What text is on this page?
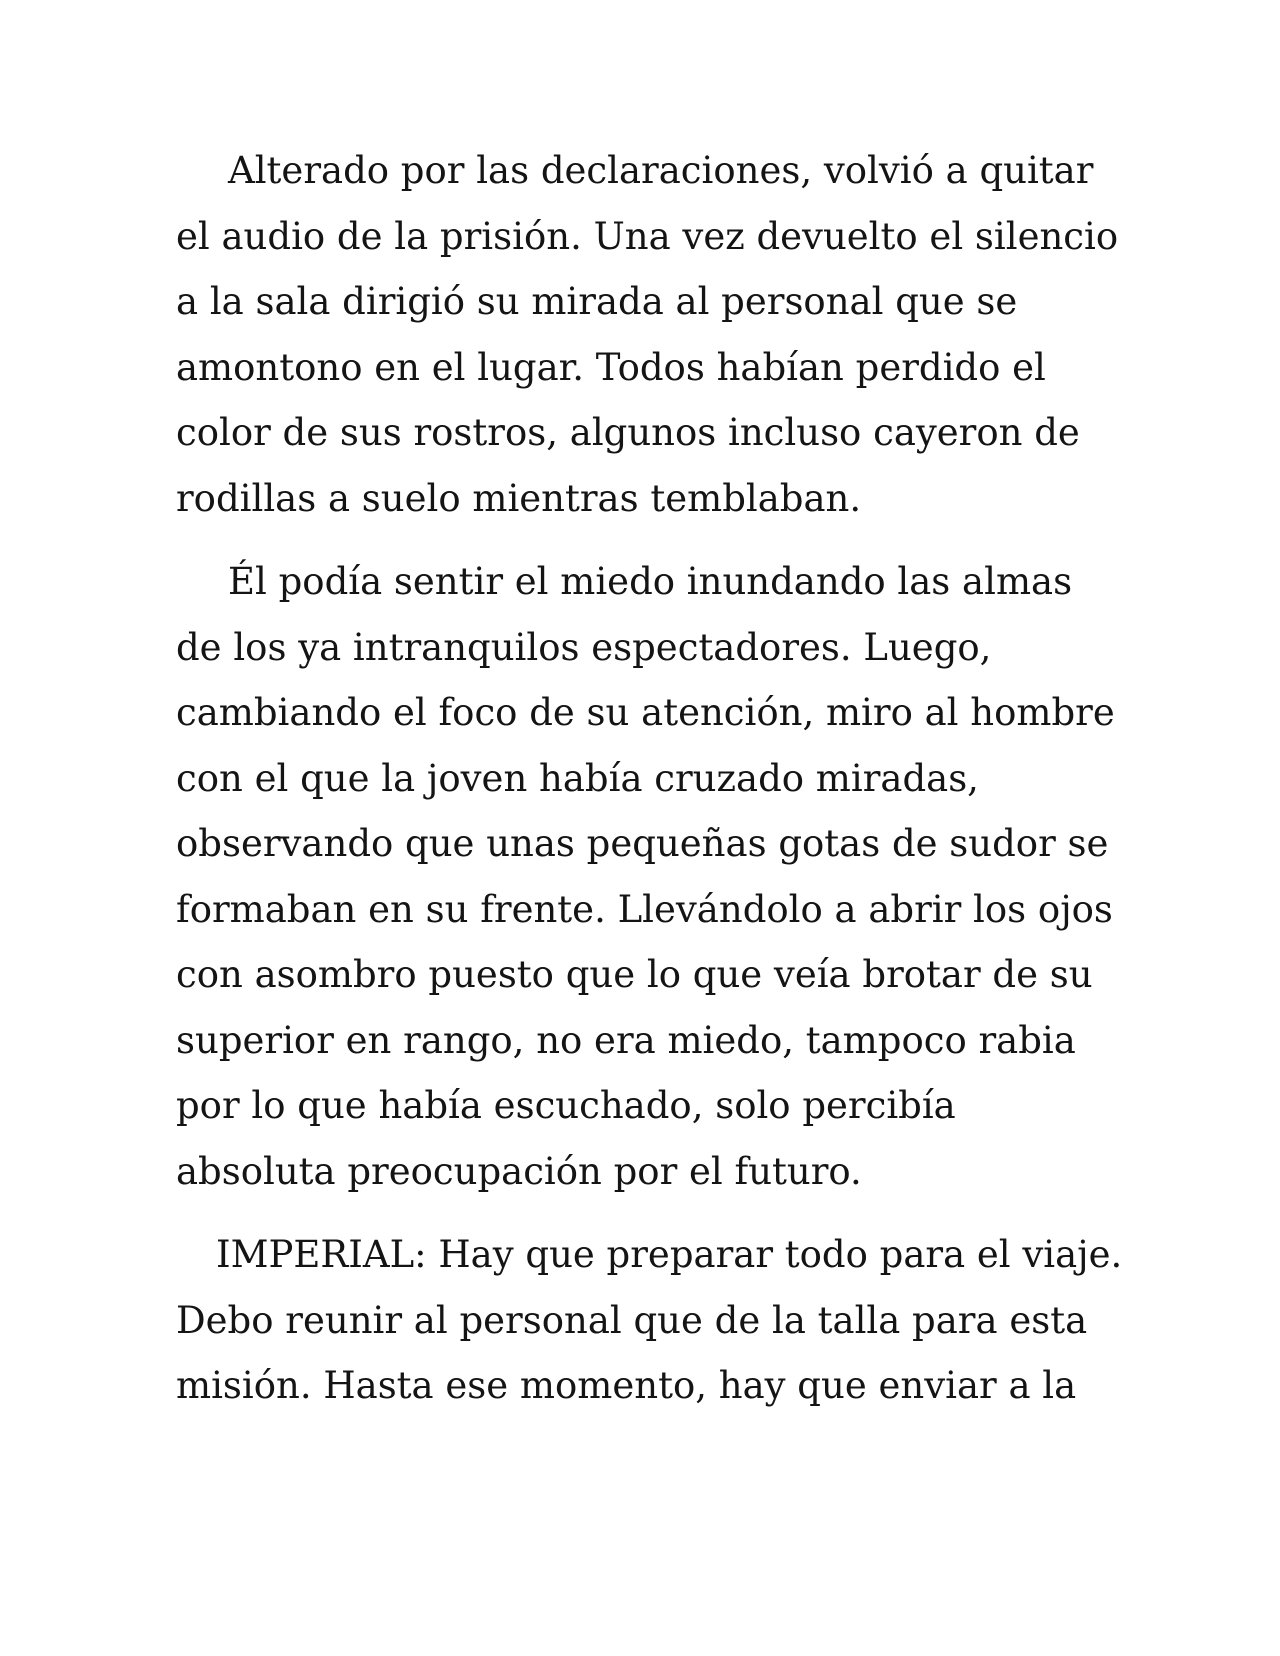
Alterado por las declaraciones, volvió a quitar
el audio de la prisión. Una vez devuelto el silencio
a la sala dirigió su mirada al personal que se
amontono en el lugar. Todos habían perdido el
color de sus rostros, algunos incluso cayeron de
rodillas a suelo mientras temblaban.

Él podía sentir el miedo inundando las almas
de los ya intranquilos espectadores. Luego,
cambiando el foco de su atención, miro al hombre
con el que la joven había cruzado miradas,
observando que unas pequeñas gotas de sudor se
formaban en su frente. Llevándolo a abrir los ojos
con asombro puesto que lo que veía brotar de su
superior en rango, no era miedo, tampoco rabia
por lo que había escuchado, solo percibía
absoluta preocupación por el futuro.

IMPERIAL: Hay que preparar todo para el viaje.
Debo reunir al personal que de la talla para esta
misión. Hasta ese momento, hay que enviar a la
